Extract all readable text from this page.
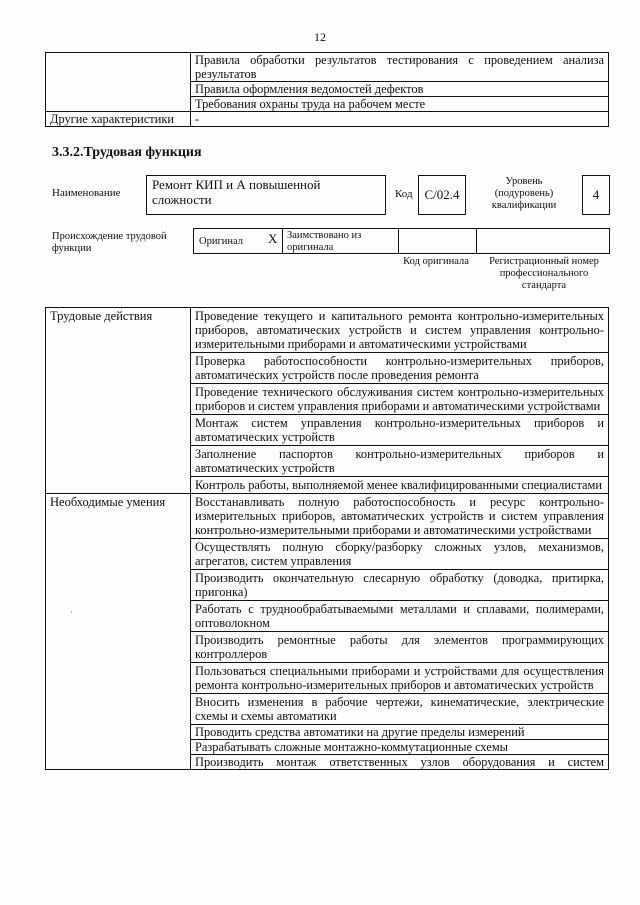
12
	Правила обработки результатов тестирования с проведением анализа результатов
	Правила оформления ведомостей дефектов
	Требования охраны труда на рабочем месте
Другие характеристики	-
3.3.2.Трудовая функция
Наименование
Ремонт КИП и А повышенной сложности	Код C/02.4
Уровень (подуровень) квалификации
4
Происхождение трудовой функции
Оригинал X Заимствовано из оригинала
Код оригинала	Регистрационный номер профессионального стандарта
ˈ
Трудовые действия	Проведение текущего и капитального ремонта контрольно-измерительных приборов, автоматических устройств и систем управления контрольно-измерительными приборами и автоматическими устройствами
	Проверка работоспособности контрольно-измерительных приборов, автоматических устройств после проведения ремонта
	Проведение технического обслуживания систем контрольно-измерительных приборов и систем управления приборами и автоматическими устройствами
	Монтаж систем управления контрольно-измерительных приборов и автоматических устройств
	Заполнение паспортов контрольно-измерительных приборов и автоматических устройств
	Контроль работы, выполняемой менее квалифицированными специалистами
Необходимые умения	Восстанавливать полную работоспособность и ресурс контрольно-измерительных приборов, автоматических устройств и систем управления контрольно-измерительными приборами и автоматическими устройствами
	Осуществлять полную сборку/разборку сложных узлов, механизмов, агрегатов, систем управления
	Производить окончательную слесарную обработку (доводка, притирка, пригонка)
	Работать с труднообрабатываемыми металлами и сплавами, полимерами, оптоволокном
	Производить ремонтные работы для элементов программирующих контроллеров
	Пользоваться специальными приборами и устройствами для осуществления ремонта контрольно-измерительных приборов и автоматических устройств
	Вносить изменения в рабочие чертежи, кинематические, электрические схемы и схемы автоматики
	Проводить средства автоматики на другие пределы измерений
	Разрабатывать сложные монтажно-коммутационные схемы
	Производить монтаж ответственных узлов оборудования и систем
